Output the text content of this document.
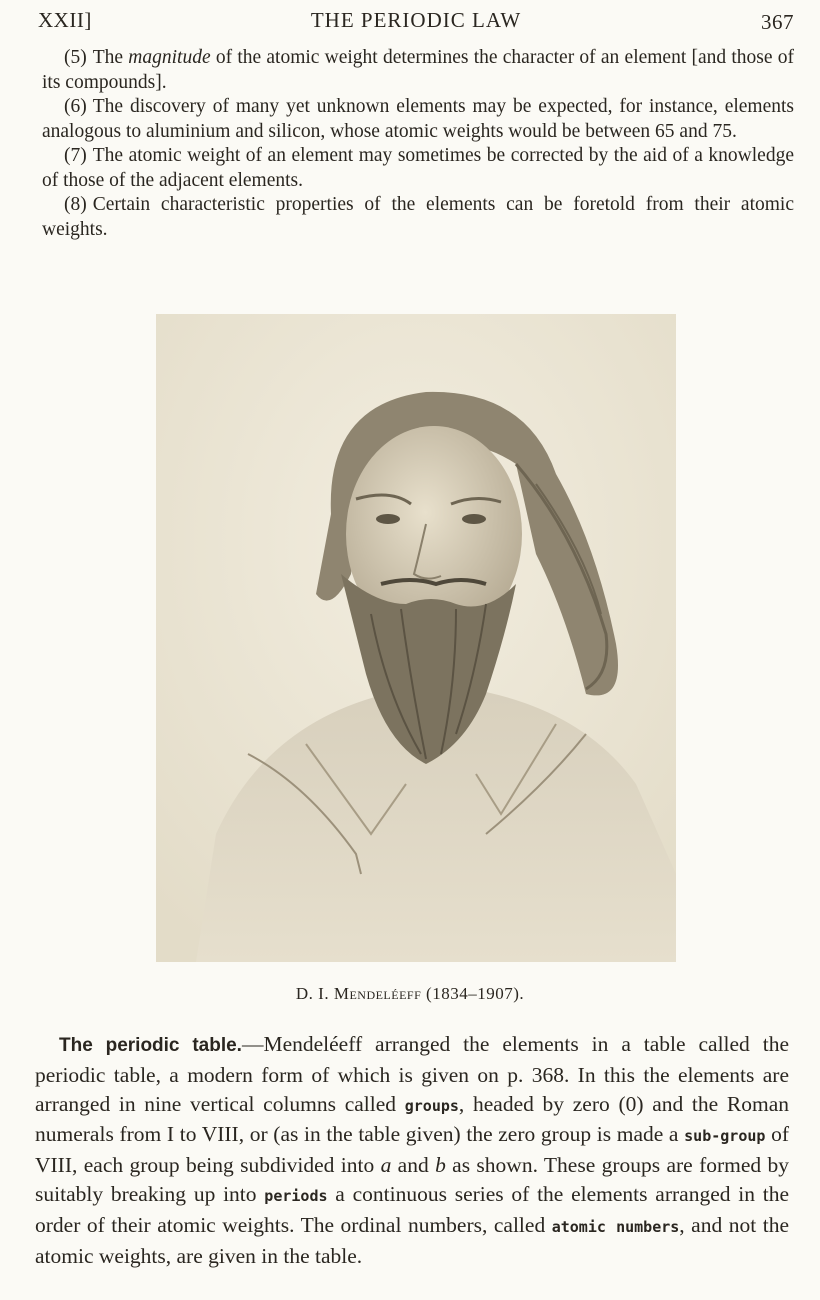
XXII]	THE PERIODIC LAW	367

(5) The magnitude of the atomic weight determines the character of an element [and those of its compounds].

(6) The discovery of many yet unknown elements may be expected, for instance, elements analogous to aluminium and silicon, whose atomic weights would be between 65 and 75.

(7) The atomic weight of an element may sometimes be corrected by the aid of a knowledge of those of the adjacent elements.

(8) Certain characteristic properties of the elements can be foretold from their atomic weights.

D. I. Mendeléeff (1834–1907).

The periodic table.—Mendeléeff arranged the elements in a table called the periodic table, a modern form of which is given on p. 368. In this the elements are arranged in nine vertical columns called groups, headed by zero (0) and the Roman numerals from I to VIII, or (as in the table given) the zero group is made a sub-group of VIII, each group being subdivided into a and b as shown. These groups are formed by suitably breaking up into periods a continuous series of the elements arranged in the order of their atomic weights. The ordinal numbers, called atomic numbers, and not the atomic weights, are given in the table.
